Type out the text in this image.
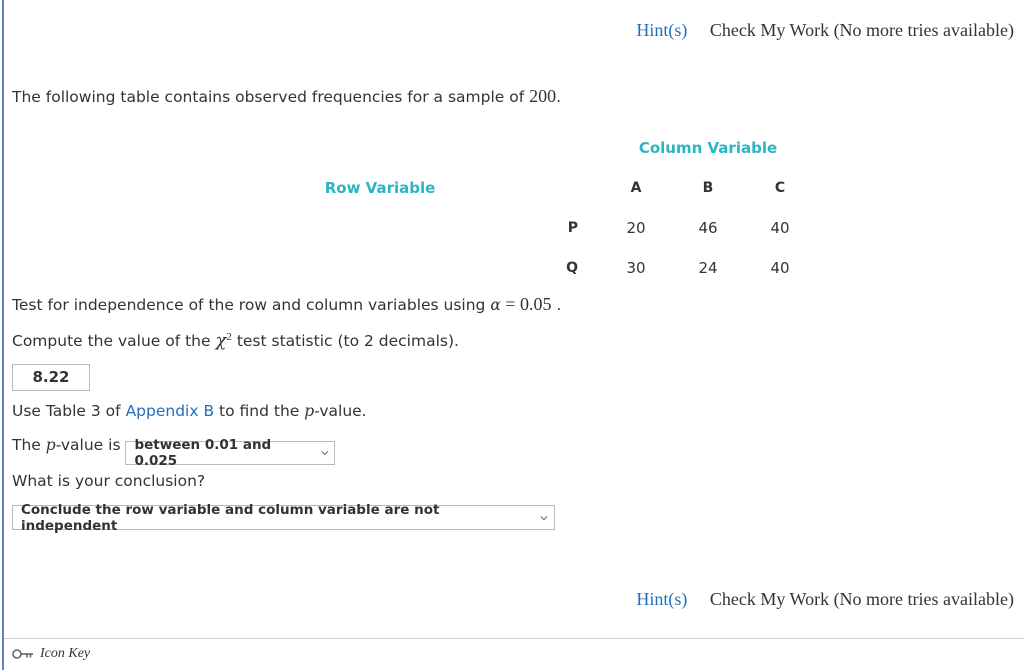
Hint(s) Check My Work (No more tries available)
The following table contains observed frequencies for a sample of 200.
		Column Variable		
Row Variable		A	B	C
	P	20	46	40
	Q	30	24	40
Test for independence of the row and column variables using α = 0.05 .
Compute the value of the $\chi^2$ test statistic (to 2 decimals).
8.22
Use Table 3 of Appendix B to find the p-value.
The p-value is between 0.01 and 0.025
What is your conclusion?
Conclude the row variable and column variable are not independent
Hint(s) Check My Work (No more tries available)
Icon Key
